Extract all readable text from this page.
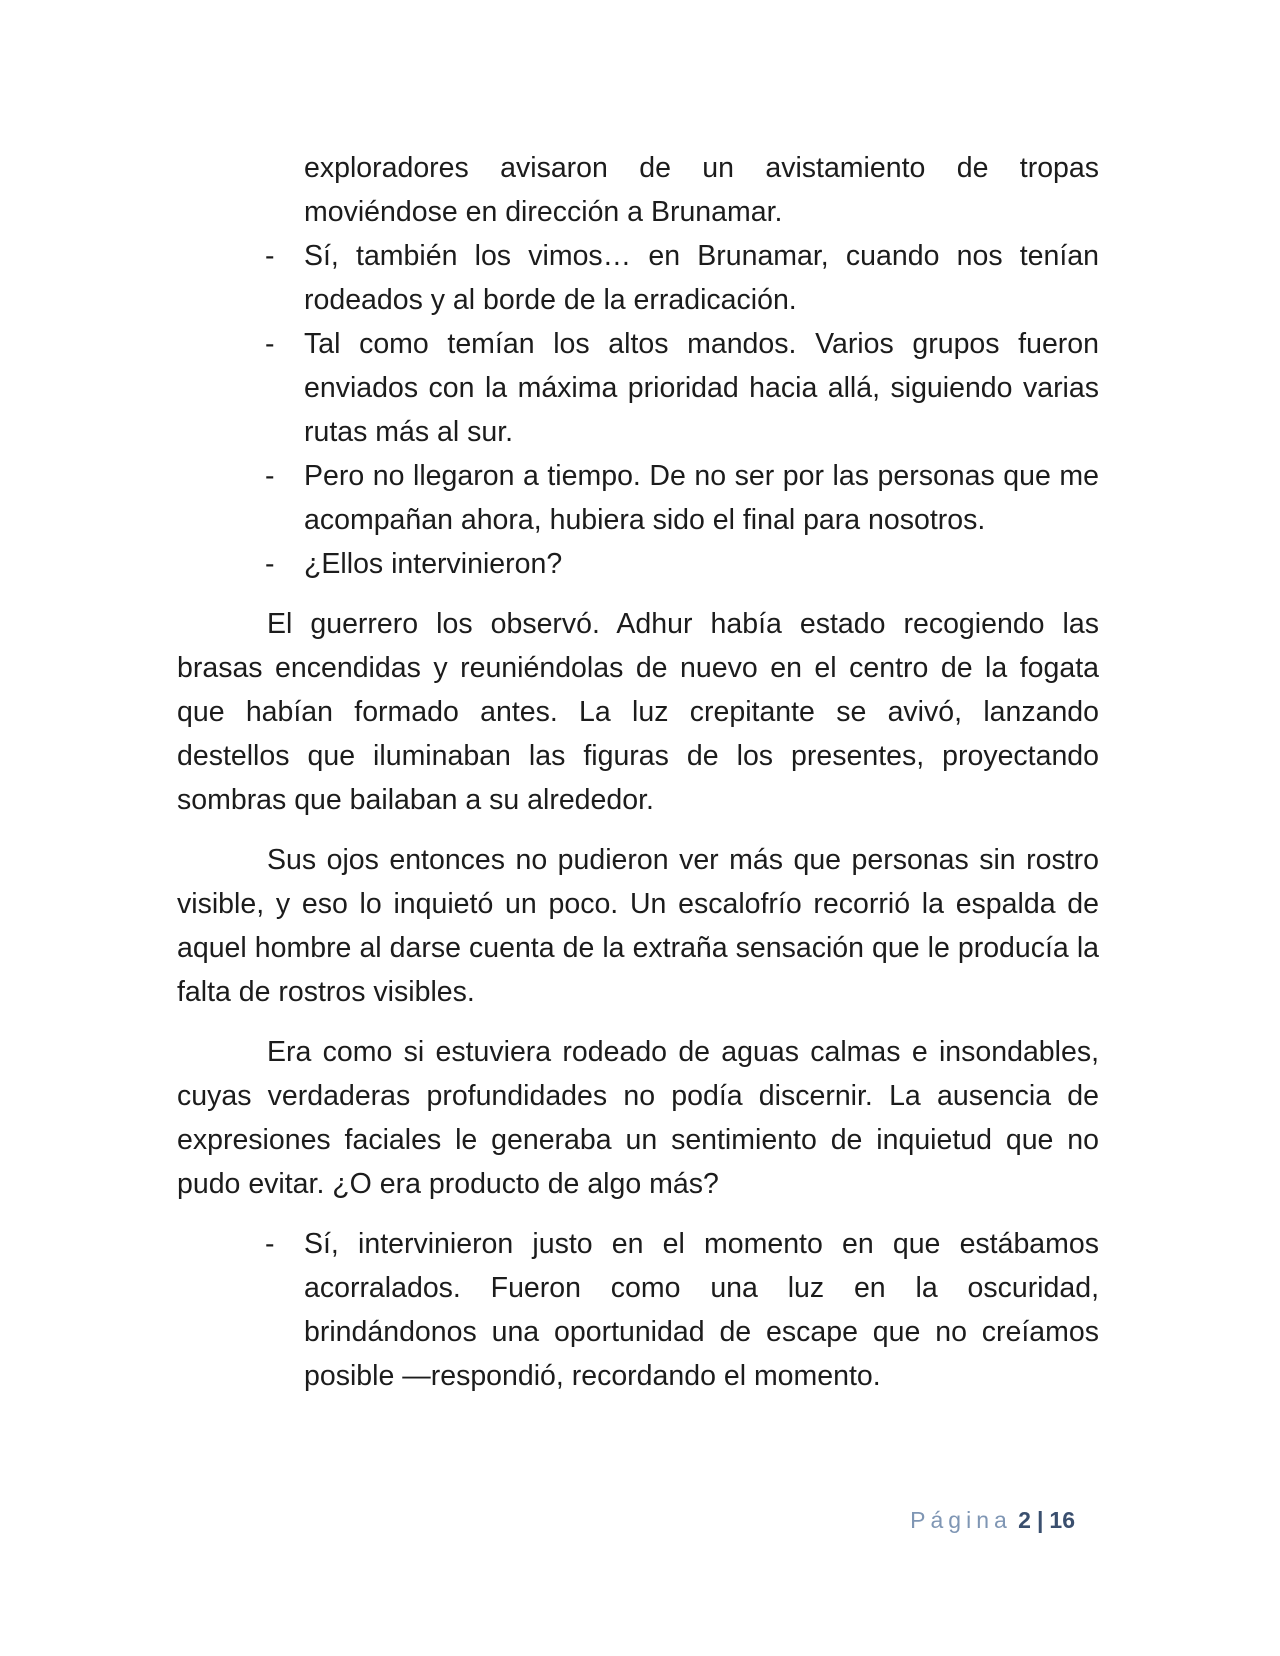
exploradores avisaron de un avistamiento de tropas moviéndose en dirección a Brunamar.
- Sí, también los vimos… en Brunamar, cuando nos tenían rodeados y al borde de la erradicación.
- Tal como temían los altos mandos. Varios grupos fueron enviados con la máxima prioridad hacia allá, siguiendo varias rutas más al sur.
- Pero no llegaron a tiempo. De no ser por las personas que me acompañan ahora, hubiera sido el final para nosotros.
- ¿Ellos intervinieron?

El guerrero los observó. Adhur había estado recogiendo las brasas encendidas y reuniéndolas de nuevo en el centro de la fogata que habían formado antes. La luz crepitante se avivó, lanzando destellos que iluminaban las figuras de los presentes, proyectando sombras que bailaban a su alrededor.

Sus ojos entonces no pudieron ver más que personas sin rostro visible, y eso lo inquietó un poco. Un escalofrío recorrió la espalda de aquel hombre al darse cuenta de la extraña sensación que le producía la falta de rostros visibles.

Era como si estuviera rodeado de aguas calmas e insondables, cuyas verdaderas profundidades no podía discernir. La ausencia de expresiones faciales le generaba un sentimiento de inquietud que no pudo evitar. ¿O era producto de algo más?

- Sí, intervinieron justo en el momento en que estábamos acorralados. Fueron como una luz en la oscuridad, brindándonos una oportunidad de escape que no creíamos posible —respondió, recordando el momento.
Página 2 | 16
